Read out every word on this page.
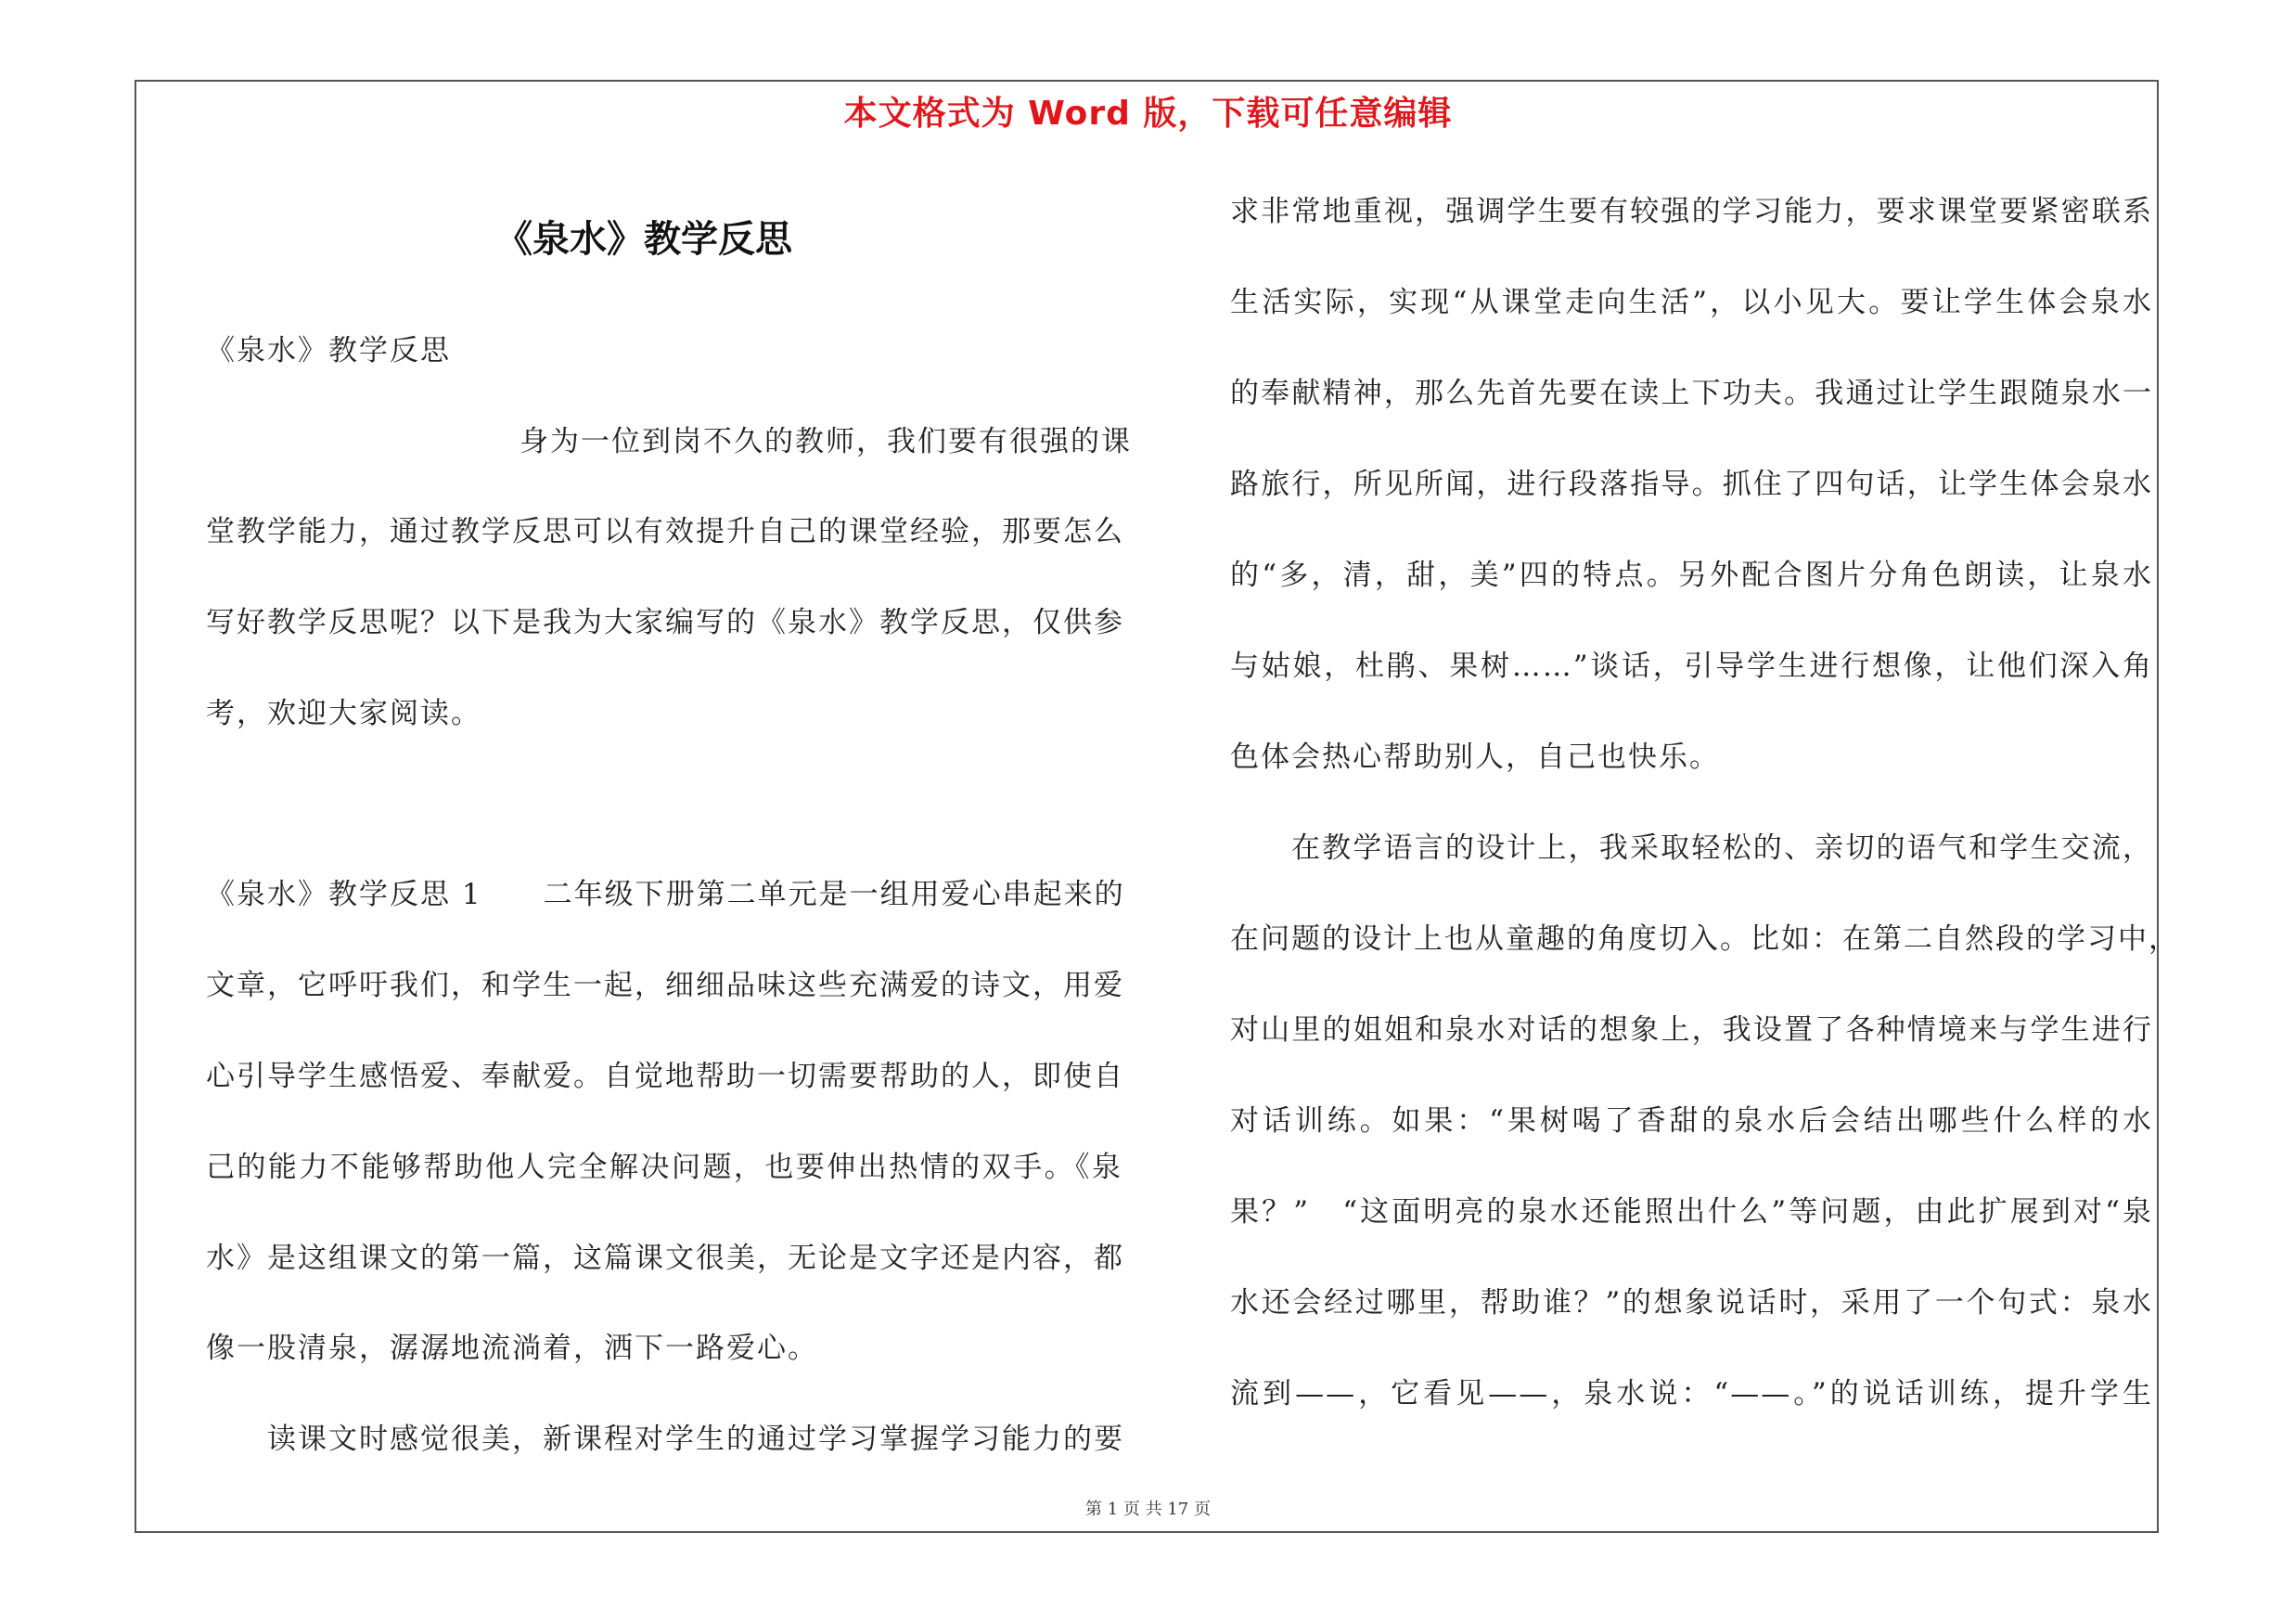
本文格式为 Word 版，下载可任意编辑
《泉水》教学反思
《泉水》教学反思
身为一位到岗不久的教师，我们要有很强的课
堂教学能力，通过教学反思可以有效提升自己的课堂经验，那要怎么
写好教学反思呢？以下是我为大家编写的《泉水》教学反思，仅供参
考，欢迎大家阅读。
《泉水》教学反思 1　　二年级下册第二单元是一组用爱心串起来的
文章，它呼吁我们，和学生一起，细细品味这些充满爱的诗文，用爱
心引导学生感悟爱、奉献爱。自觉地帮助一切需要帮助的人，即使自
己的能力不能够帮助他人完全解决问题，也要伸出热情的双手。《泉
水》是这组课文的第一篇，这篇课文很美，无论是文字还是内容，都
像一股清泉，潺潺地流淌着，洒下一路爱心。
读课文时感觉很美，新课程对学生的通过学习掌握学习能力的要
求非常地重视，强调学生要有较强的学习能力，要求课堂要紧密联系
生活实际，实现“从课堂走向生活”，以小见大。要让学生体会泉水
的奉献精神，那么先首先要在读上下功夫。我通过让学生跟随泉水一
路旅行，所见所闻，进行段落指导。抓住了四句话，让学生体会泉水
的“多，清，甜，美”四的特点。另外配合图片分角色朗读，让泉水
与姑娘，杜鹃、果树……”谈话，引导学生进行想像，让他们深入角
色体会热心帮助别人，自己也快乐。
在教学语言的设计上，我采取轻松的、亲切的语气和学生交流，
在问题的设计上也从童趣的角度切入。比如：在第二自然段的学习中，
对山里的姐姐和泉水对话的想象上，我设置了各种情境来与学生进行
对话训练。如果：“果树喝了香甜的泉水后会结出哪些什么样的水
果？”　“这面明亮的泉水还能照出什么”等问题，由此扩展到对“泉
水还会经过哪里，帮助谁？”的想象说话时，采用了一个句式：泉水
流到——，它看见——，泉水说：“——。”的说话训练，提升学生
第 1 页 共 17 页
